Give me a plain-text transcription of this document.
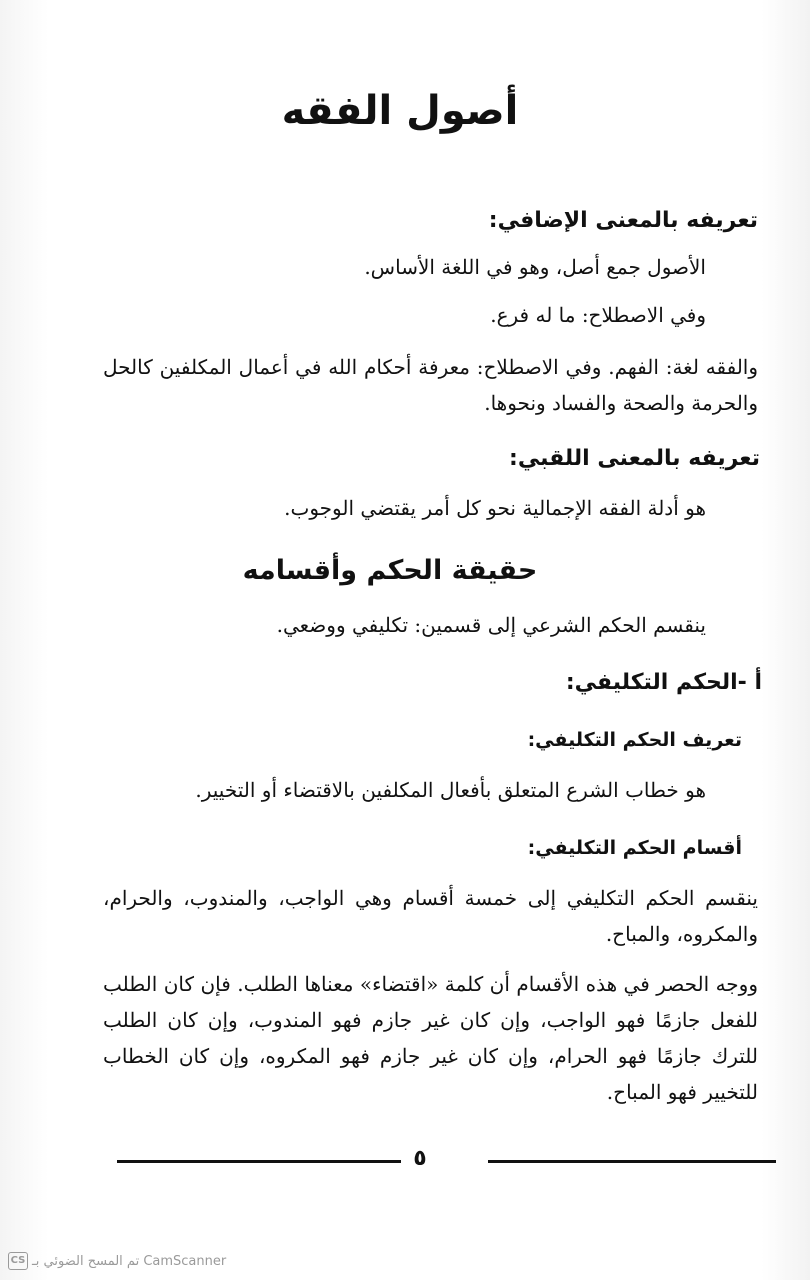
أصول الفقه
تعريفه بالمعنى الإضافي:
الأصول جمع أصل، وهو في اللغة الأساس.
وفي الاصطلاح: ما له فرع.
والفقه لغة: الفهم. وفي الاصطلاح: معرفة أحكام الله في أعمال المكلفين كالحل والحرمة والصحة والفساد ونحوها.
تعريفه بالمعنى اللقبي:
هو أدلة الفقه الإجمالية نحو كل أمر يقتضي الوجوب.
حقيقة الحكم وأقسامه
ينقسم الحكم الشرعي إلى قسمين: تكليفي ووضعي.
أ -الحكم التكليفي:
تعريف الحكم التكليفي:
هو خطاب الشرع المتعلق بأفعال المكلفين بالاقتضاء أو التخيير.
أقسام الحكم التكليفي:
ينقسم الحكم التكليفي إلى خمسة أقسام وهي الواجب، والمندوب، والحرام، والمكروه، والمباح.
ووجه الحصر في هذه الأقسام أن كلمة «اقتضاء» معناها الطلب. فإن كان الطلب للفعل جازمًا فهو الواجب، وإن كان غير جازم فهو المندوب، وإن كان الطلب للترك جازمًا فهو الحرام، وإن كان غير جازم فهو المكروه، وإن كان الخطاب للتخيير فهو المباح.
٥
CS تم المسح الضوئي بـ CamScanner
